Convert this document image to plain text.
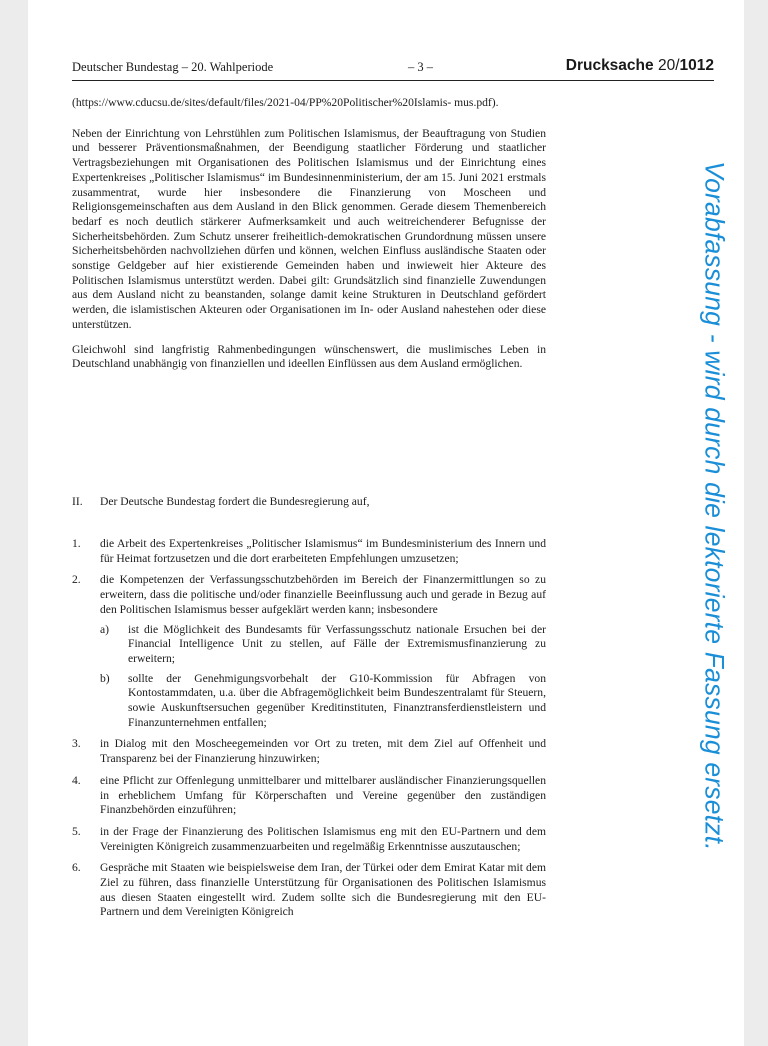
Deutscher Bundestag – 20. Wahlperiode	– 3 –	Drucksache 20/1012

(https://www.cducsu.de/sites/default/files/2021-04/PP%20Politischer%20Islamis- mus.pdf).

Neben der Einrichtung von Lehrstühlen zum Politischen Islamismus, der Beauftragung von Studien und besserer Präventionsmaßnahmen, der Beendigung staatlicher Förderung und staatlicher Vertragsbeziehungen mit Organisationen des Politischen Islamismus und der Einrichtung eines Expertenkreises „Politischer Islamismus“ im Bundesinnenministerium, der am 15. Juni 2021 erstmals zusammentrat, wurde hier insbesondere die Finanzierung von Moscheen und Religionsgemeinschaften aus dem Ausland in den Blick genommen. Gerade diesem Themenbereich bedarf es noch deutlich stärkerer Aufmerksamkeit und auch weitreichenderer Befugnisse der Sicherheitsbehörden. Zum Schutz unserer freiheitlich-demokratischen Grundordnung müssen unsere Sicherheitsbehörden nachvollziehen dürfen und können, welchen Einfluss ausländische Staaten oder sonstige Geldgeber auf hier existierende Gemeinden haben und inwieweit hier Akteure des Politischen Islamismus unterstützt werden. Dabei gilt: Grundsätzlich sind finanzielle Zuwendungen aus dem Ausland nicht zu beanstanden, solange damit keine Strukturen in Deutschland gefördert werden, die islamistischen Akteuren oder Organisationen im In- oder Ausland nahestehen oder diese unterstützen.

Gleichwohl sind langfristig Rahmenbedingungen wünschenswert, die muslimisches Leben in Deutschland unabhängig von finanziellen und ideellen Einflüssen aus dem Ausland ermöglichen.

II. Der Deutsche Bundestag fordert die Bundesregierung auf,
1. die Arbeit des Expertenkreises „Politischer Islamismus“ im Bundesministerium des Innern und für Heimat fortzusetzen und die dort erarbeiteten Empfehlungen umzusetzen;
2. die Kompetenzen der Verfassungsschutzbehörden im Bereich der Finanzermittlungen so zu erweitern, dass die politische und/oder finanzielle Beeinflussung auch und gerade in Bezug auf den Politischen Islamismus besser aufgeklärt werden kann; insbesondere
a) ist die Möglichkeit des Bundesamts für Verfassungsschutz nationale Ersuchen bei der Financial Intelligence Unit zu stellen, auf Fälle der Extremismusfinanzierung zu erweitern;
b) sollte der Genehmigungsvorbehalt der G10-Kommission für Abfragen von Kontostammdaten, u.a. über die Abfragemöglichkeit beim Bundeszentralamt für Steuern, sowie Auskunftsersuchen gegenüber Kreditinstituten, Finanztransferdienstleistern und Finanzunternehmen entfallen;
3. in Dialog mit den Moscheegemeinden vor Ort zu treten, mit dem Ziel auf Offenheit und Transparenz bei der Finanzierung hinzuwirken;
4. eine Pflicht zur Offenlegung unmittelbarer und mittelbarer ausländischer Finanzierungsquellen in erheblichem Umfang für Körperschaften und Vereine gegenüber den zuständigen Finanzbehörden einzuführen;
5. in der Frage der Finanzierung des Politischen Islamismus eng mit den EU-Partnern und dem Vereinigten Königreich zusammenzuarbeiten und regelmäßig Erkenntnisse auszutauschen;
6. Gespräche mit Staaten wie beispielsweise dem Iran, der Türkei oder dem Emirat Katar mit dem Ziel zu führen, dass finanzielle Unterstützung für Organisationen des Politischen Islamismus aus diesen Staaten eingestellt wird. Zudem sollte sich die Bundesregierung mit den EU-Partnern und dem Vereinigten Königreich
Vorabfassung - wird durch die lektorierte Fassung ersetzt.
